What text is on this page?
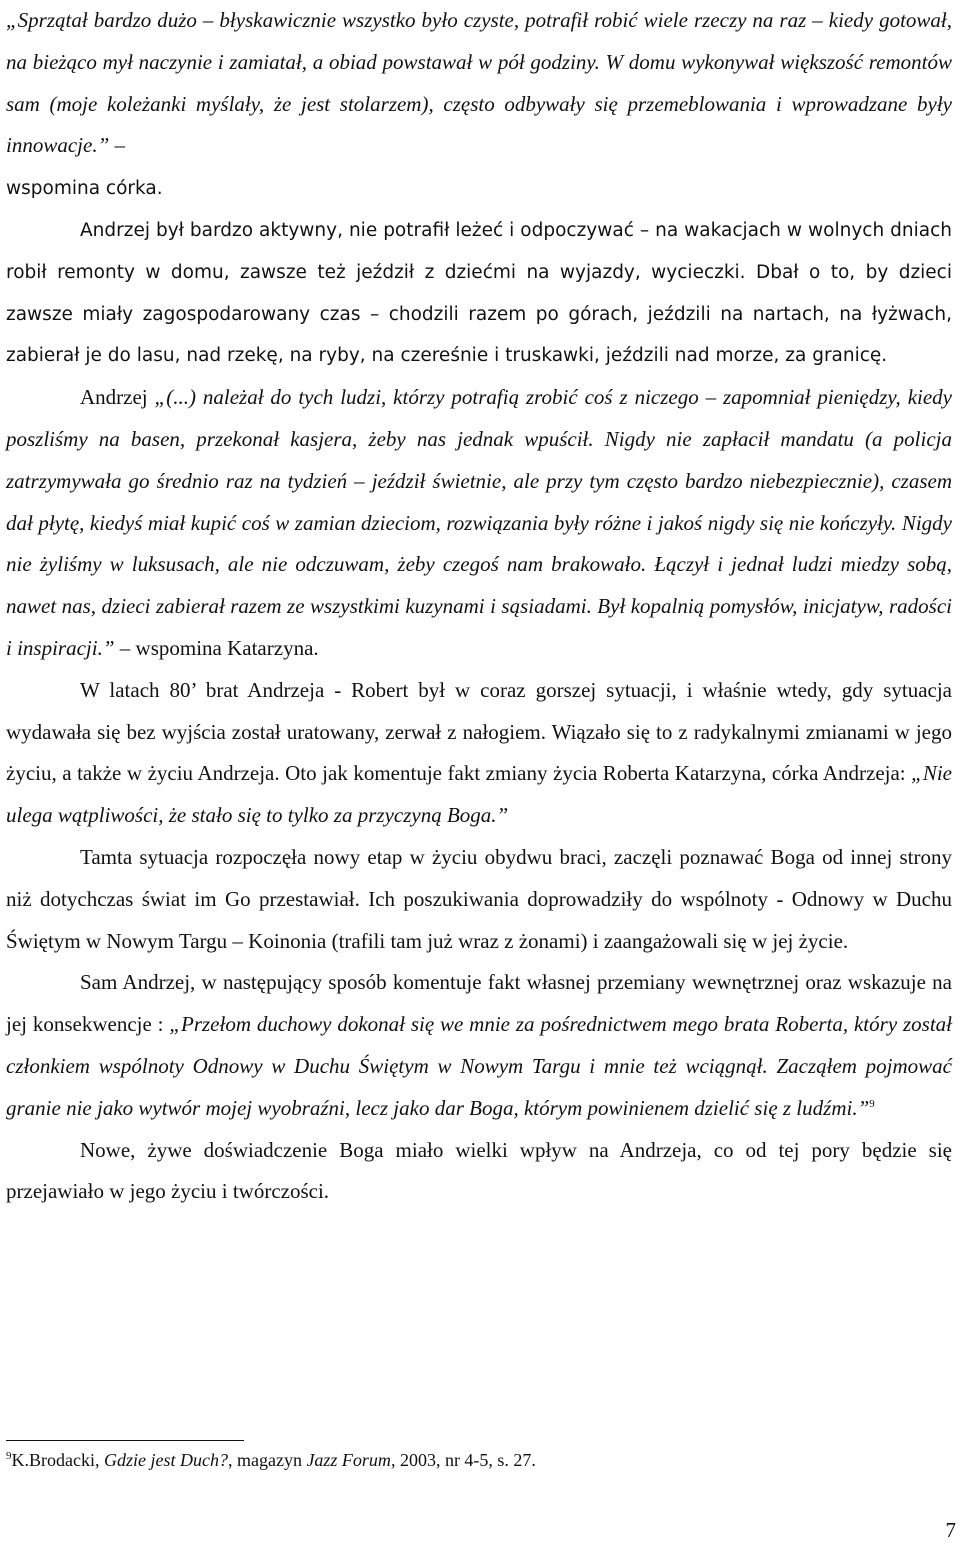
„Sprzątał bardzo dużo – błyskawicznie wszystko było czyste, potrafił robić wiele rzeczy na raz – kiedy gotował, na bieżąco mył naczynie i zamiatał, a obiad powstawał w pół godziny. W domu wykonywał większość remontów sam (moje koleżanki myślały, że jest stolarzem), często odbywały się przemeblowania i wprowadzane były innowacje.” –
wspomina córka.

Andrzej był bardzo aktywny, nie potrafił leżeć i odpoczywać – na wakacjach w wolnych dniach robił remonty w domu, zawsze też jeździł z dziećmi na wyjazdy, wycieczki. Dbał o to, by dzieci zawsze miały zagospodarowany czas – chodzili razem po górach, jeździli na nartach, na łyżwach, zabierał je do lasu, nad rzekę, na ryby, na czereśnie i truskawki, jeździli nad morze, za granicę.

Andrzej „(...) należał do tych ludzi, którzy potrafią zrobić coś z niczego – zapomniał pieniędzy, kiedy poszliśmy na basen, przekonał kasjera, żeby nas jednak wpuścił. Nigdy nie zapłacił mandatu (a policja zatrzymywała go średnio raz na tydzień – jeździł świetnie, ale przy tym często bardzo niebezpiecznie), czasem dał płytę, kiedyś miał kupić coś w zamian dzieciom, rozwiązania były różne i jakoś nigdy się nie kończyły. Nigdy nie żyliśmy w luksusach, ale nie odczuwam, żeby czegoś nam brakowało. Łączył i jednał ludzi miedzy sobą, nawet nas, dzieci zabierał razem ze wszystkimi kuzynami i sąsiadami. Był kopalnią pomysłów, inicjatyw, radości i inspiracji.” – wspomina Katarzyna.

W latach 80’ brat Andrzeja - Robert był w coraz gorszej sytuacji, i właśnie wtedy, gdy sytuacja wydawała się bez wyjścia został uratowany, zerwał z nałogiem. Wiązało się to z radykalnymi zmianami w jego życiu, a także w życiu Andrzeja. Oto jak komentuje fakt zmiany życia Roberta Katarzyna, córka Andrzeja: „Nie ulega wątpliwości, że stało się to tylko za przyczyną Boga.”

Tamta sytuacja rozpoczęła nowy etap w życiu obydwu braci, zaczęli poznawać Boga od innej strony niż dotychczas świat im Go przestawiał. Ich poszukiwania doprowadziły do wspólnoty - Odnowy w Duchu Świętym w Nowym Targu – Koinonia (trafili tam już wraz z żonami) i zaangażowali się w jej życie.

Sam Andrzej, w następujący sposób komentuje fakt własnej przemiany wewnętrznej oraz wskazuje na jej konsekwencje : „Przełom duchowy dokonał się we mnie za pośrednictwem mego brata Roberta, który został członkiem wspólnoty Odnowy w Duchu Świętym w Nowym Targu i mnie też wciągnął. Zacząłem pojmować granie nie jako wytwór mojej wyobraźni, lecz jako dar Boga, którym powinienem dzielić się z ludźmi.”$^9$

Nowe, żywe doświadczenie Boga miało wielki wpływ na Andrzeja, co od tej pory będzie się przejawiało w jego życiu i twórczości.

$^9$K.Brodacki, Gdzie jest Duch?, magazyn Jazz Forum, 2003, nr 4-5, s. 27.
7
